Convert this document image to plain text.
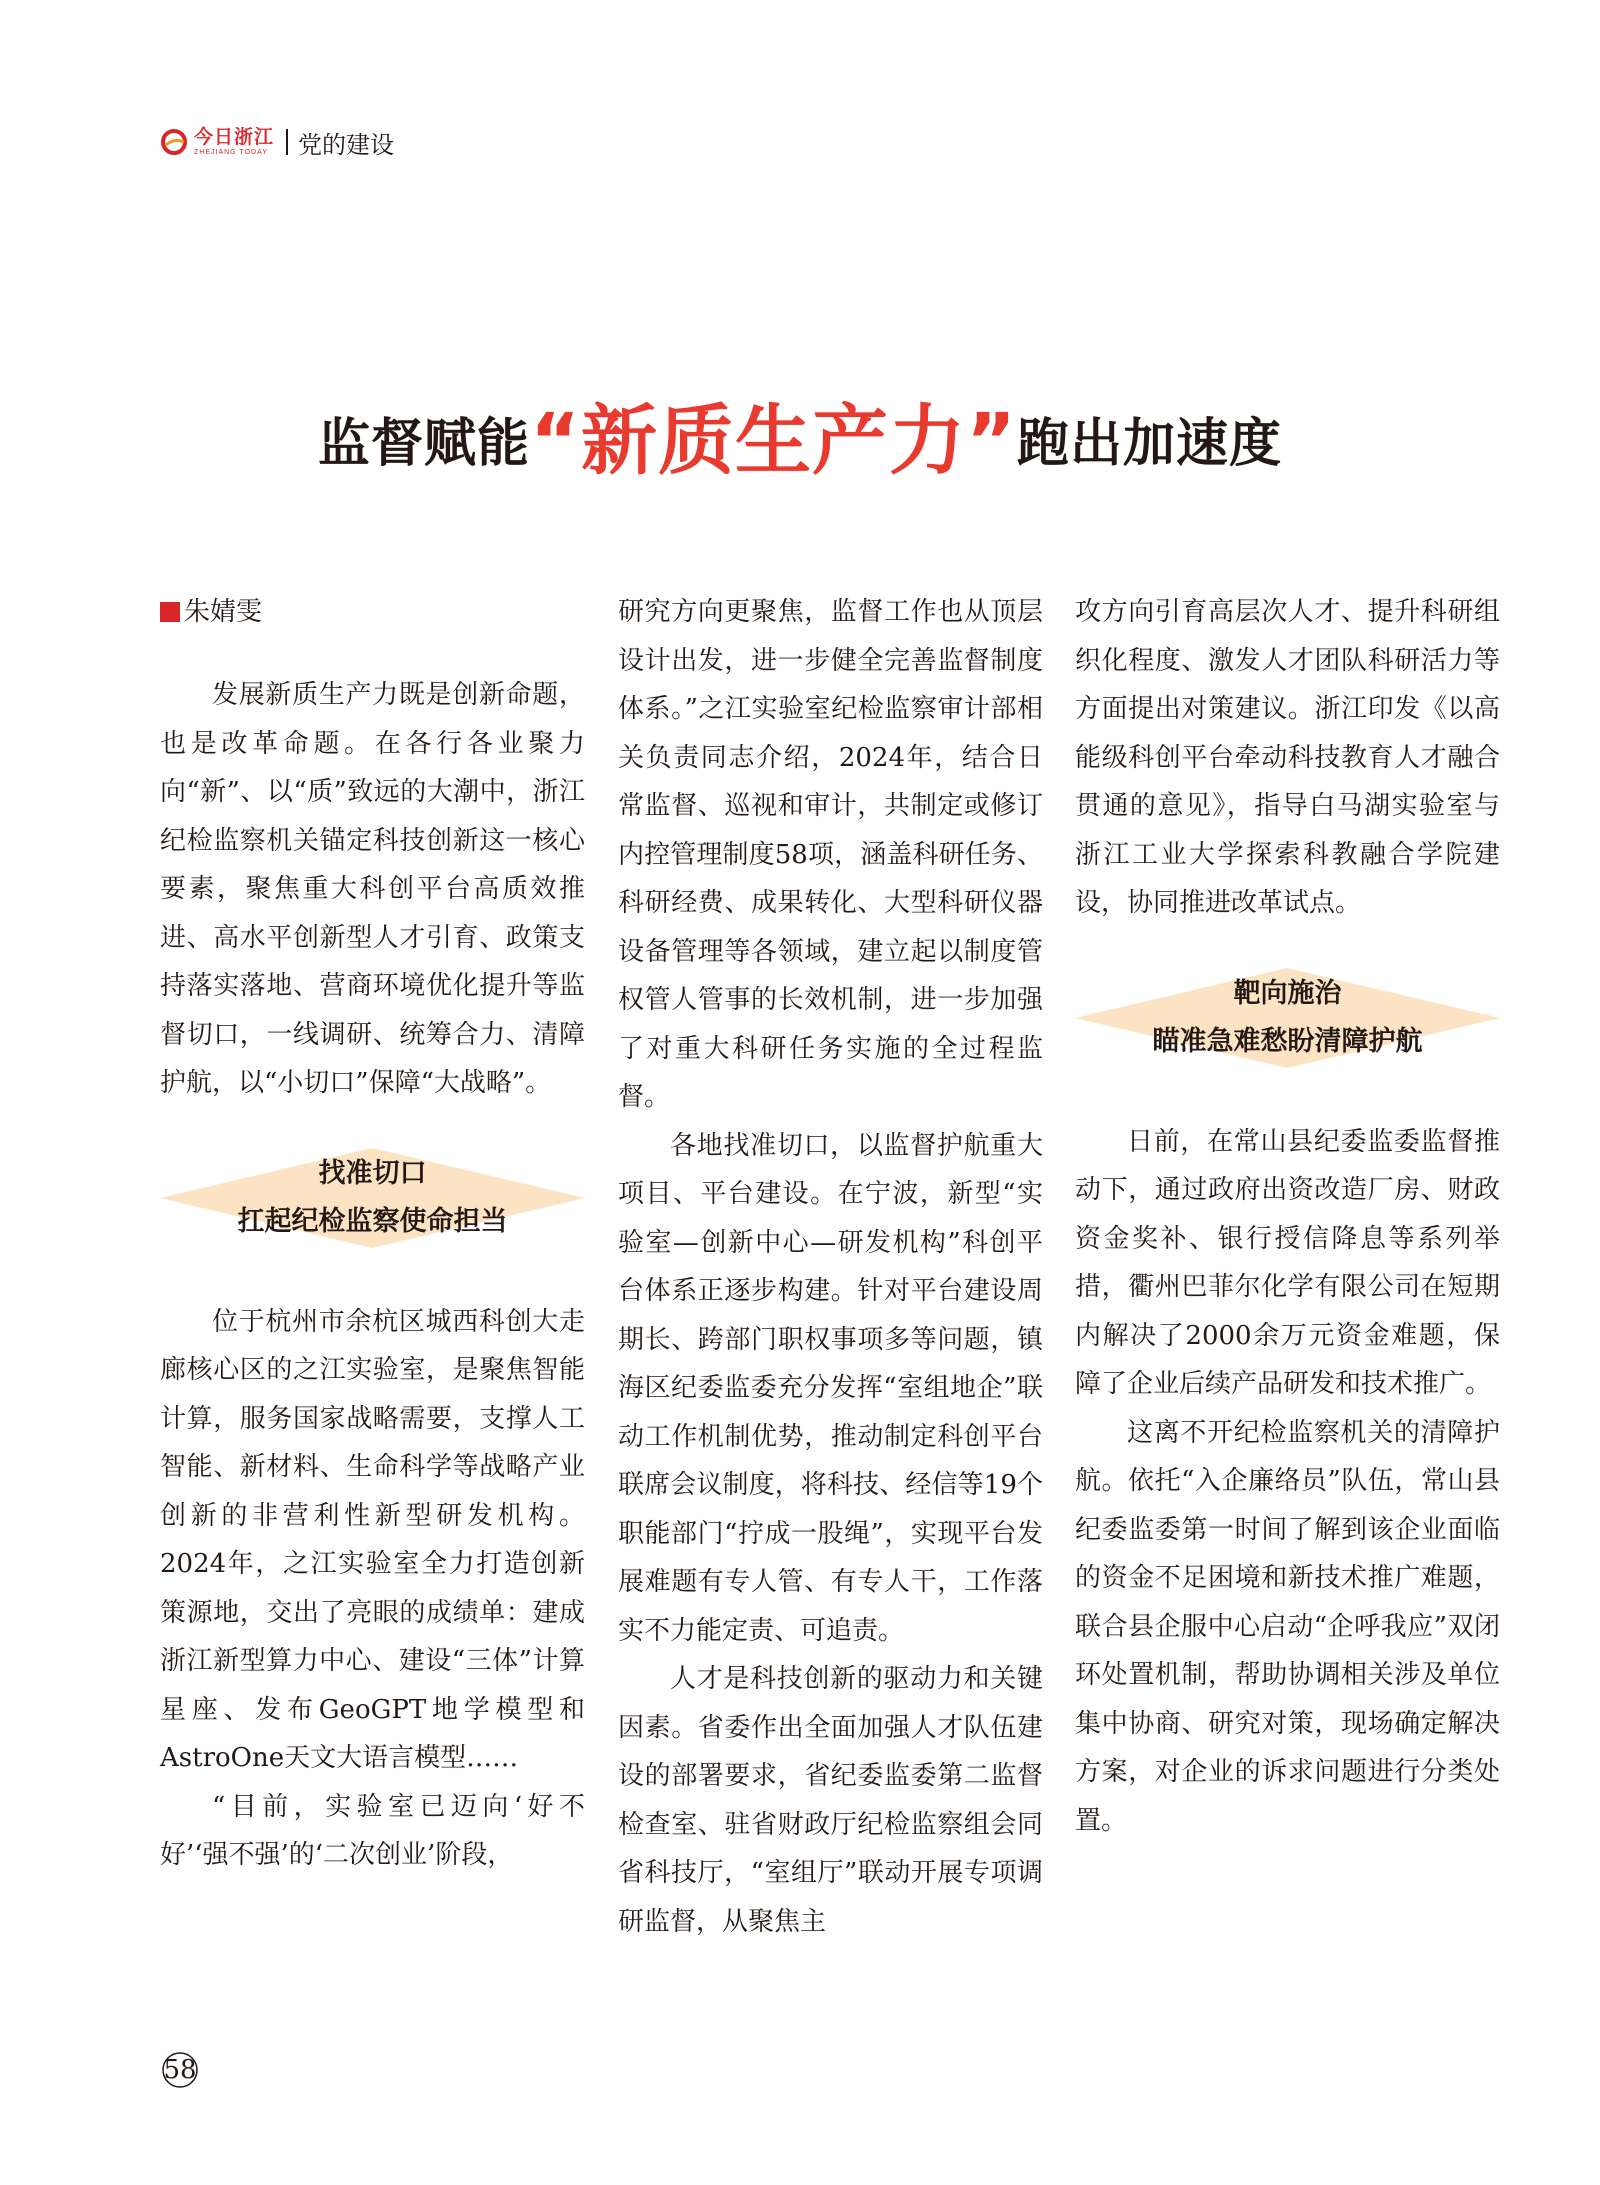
今日浙江
ZHEJIANG TODAY 党的建设
监督赋能“新质生产力”跑出加速度
朱婧雯

发展新质生产力既是创新命题，也是改革命题。在各行各业聚力向“新”、以“质”致远的大潮中，浙江纪检监察机关锚定科技创新这一核心要素，聚焦重大科创平台高质效推进、高水平创新型人才引育、政策支持落实落地、营商环境优化提升等监督切口，一线调研、统筹合力、清障护航，以“小切口”保障“大战略”。

找准切口
扛起纪检监察使命担当

位于杭州市余杭区城西科创大走廊核心区的之江实验室，是聚焦智能计算，服务国家战略需要，支撑人工智能、新材料、生命科学等战略产业创新的非营利性新型研发机构。2024年，之江实验室全力打造创新策源地，交出了亮眼的成绩单：建成浙江新型算力中心、建设“三体”计算星座、发布GeoGPT地学模型和AstroOne天文大语言模型……

“目前，实验室已迈向‘好不好’‘强不强’的‘二次创业’阶段，

研究方向更聚焦，监督工作也从顶层设计出发，进一步健全完善监督制度体系。”之江实验室纪检监察审计部相关负责同志介绍，2024年，结合日常监督、巡视和审计，共制定或修订内控管理制度58项，涵盖科研任务、科研经费、成果转化、大型科研仪器设备管理等各领域，建立起以制度管权管人管事的长效机制，进一步加强了对重大科研任务实施的全过程监督。

各地找准切口，以监督护航重大项目、平台建设。在宁波，新型“实验室—创新中心—研发机构”科创平台体系正逐步构建。针对平台建设周期长、跨部门职权事项多等问题，镇海区纪委监委充分发挥“室组地企”联动工作机制优势，推动制定科创平台联席会议制度，将科技、经信等19个职能部门“拧成一股绳”，实现平台发展难题有专人管、有专人干，工作落实不力能定责、可追责。

人才是科技创新的驱动力和关键因素。省委作出全面加强人才队伍建设的部署要求，省纪委监委第二监督检查室、驻省财政厅纪检监察组会同省科技厅，“室组厅”联动开展专项调研监督，从聚焦主

攻方向引育高层次人才、提升科研组织化程度、激发人才团队科研活力等方面提出对策建议。浙江印发《以高能级科创平台牵动科技教育人才融合贯通的意见》，指导白马湖实验室与浙江工业大学探索科教融合学院建设，协同推进改革试点。

靶向施治
瞄准急难愁盼清障护航

日前，在常山县纪委监委监督推动下，通过政府出资改造厂房、财政资金奖补、银行授信降息等系列举措，衢州巴菲尔化学有限公司在短期内解决了2000余万元资金难题，保障了企业后续产品研发和技术推广。

这离不开纪检监察机关的清障护航。依托“入企廉络员”队伍，常山县纪委监委第一时间了解到该企业面临的资金不足困境和新技术推广难题，联合县企服中心启动“企呼我应”双闭环处置机制，帮助协调相关涉及单位集中协商、研究对策，现场确定解决方案，对企业的诉求问题进行分类处置。

58
